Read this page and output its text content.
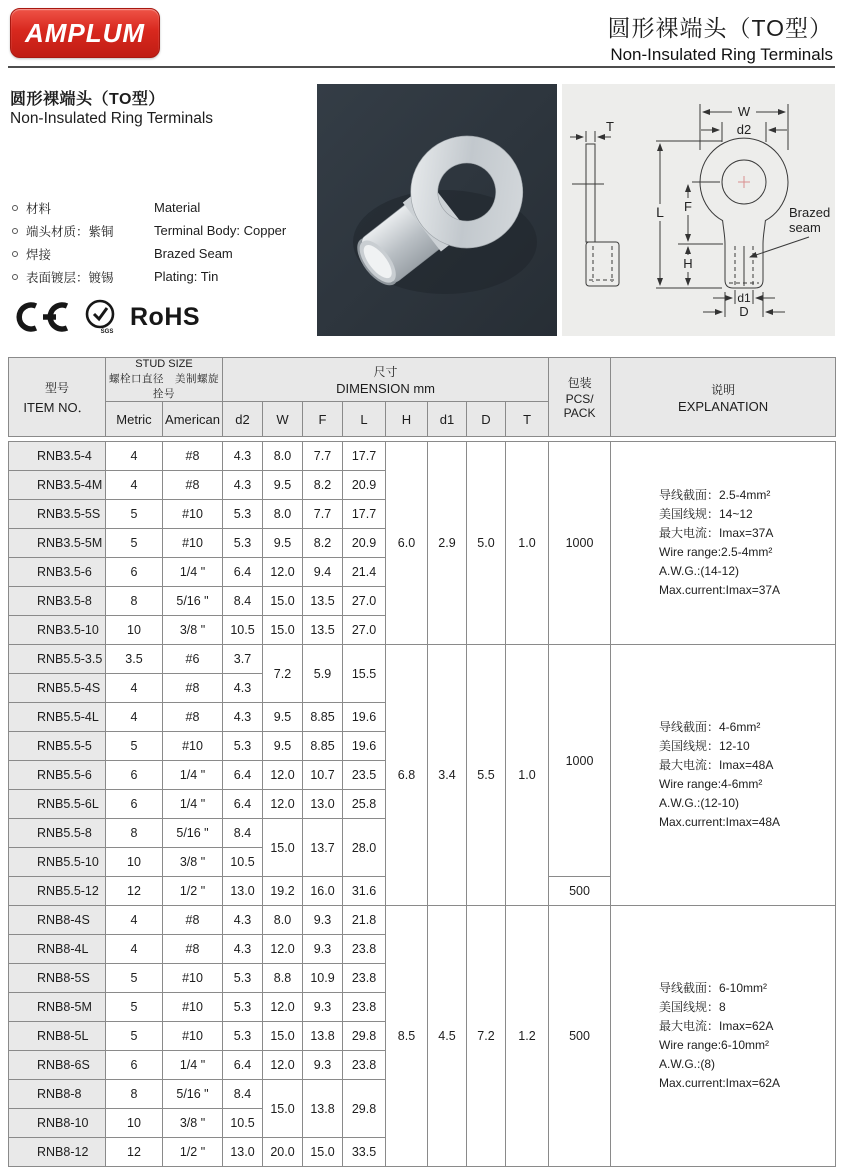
AMPLUM	圆形裸端头（TO型）
Non-Insulated Ring Terminals
圆形裸端头（TO型）
Non-Insulated Ring Terminals
材料	Material
端头材质：紫铜	Terminal Body: Copper
焊接	Brazed Seam
表面镀层：镀锡	Plating: Tin
SGS
RoHS
T
W
d2
L F
H
d1
D
Brazed
seam
型号
ITEM NO．	STUD SIZE
螺栓口直径　美制螺旋拴号		尺寸
DIMENSION mm								包装
PCS/
PACK	说明
EXPLANATION

	Metric	American	d2	W	F	L	H	d1	D	T		
RNB3.5-4	4	#8	4.3	8.0	7.7	17.7	6.0	2.9	5.0	1.0	1000	
导线截面：2.5-4mm²
美国线规：14~12
最大电流：Imax=37A
Wire range:2.5-4mm²
A.W.G.:(14-12)
Max.current:Imax=37A

RNB3.5-4M	4	#8	4.3	9.5	8.2	20.9						
RNB3.5-5S	5	#10	5.3	8.0	7.7	17.7						
RNB3.5-5M	5	#10	5.3	9.5	8.2	20.9						
RNB3.5-6	6	1/4 "	6.4	12.0	9.4	21.4						
RNB3.5-8	8	5/16 "	8.4	15.0	13.5	27.0						
RNB3.5-10	10	3/8 "	10.5	15.0	13.5	27.0						
RNB5.5-3.5	3.5	#6	3.7	7.2	5.9	15.5	6.8	3.4	5.5	1.0	1000	
导线截面：4-6mm²
美国线规：12-10
最大电流：Imax=48A
Wire range:4-6mm²
A.W.G.:(12-10)
Max.current:Imax=48A

RNB5.5-4S	4	#8	4.3									
RNB5.5-4L	4	#8	4.3	9.5	8.85	19.6						
RNB5.5-5	5	#10	5.3	9.5	8.85	19.6						
RNB5.5-6	6	1/4 "	6.4	12.0	10.7	23.5						
RNB5.5-6L	6	1/4 "	6.4	12.0	13.0	25.8						
RNB5.5-8	8	5/16 "	8.4	15.0	13.7	28.0						
RNB5.5-10	10	3/8 "	10.5									
RNB5.5-12	12	1/2 "	13.0	19.2	16.0	31.6					500	
RNB8-4S	4	#8	4.3	8.0	9.3	21.8	8.5	4.5	7.2	1.2	500	
导线截面：6-10mm²
美国线规：8
最大电流：Imax=62A
Wire range:6-10mm²
A.W.G.:(8)
Max.current:Imax=62A

RNB8-4L	4	#8	4.3	12.0	9.3	23.8						
RNB8-5S	5	#10	5.3	8.8	10.9	23.8						
RNB8-5M	5	#10	5.3	12.0	9.3	23.8						
RNB8-5L	5	#10	5.3	15.0	13.8	29.8						
RNB8-6S	6	1/4 "	6.4	12.0	9.3	23.8						
RNB8-8	8	5/16 "	8.4	15.0	13.8	29.8						
RNB8-10	10	3/8 "	10.5									
RNB8-12	12	1/2 "	13.0	20.0	15.0	33.5						
